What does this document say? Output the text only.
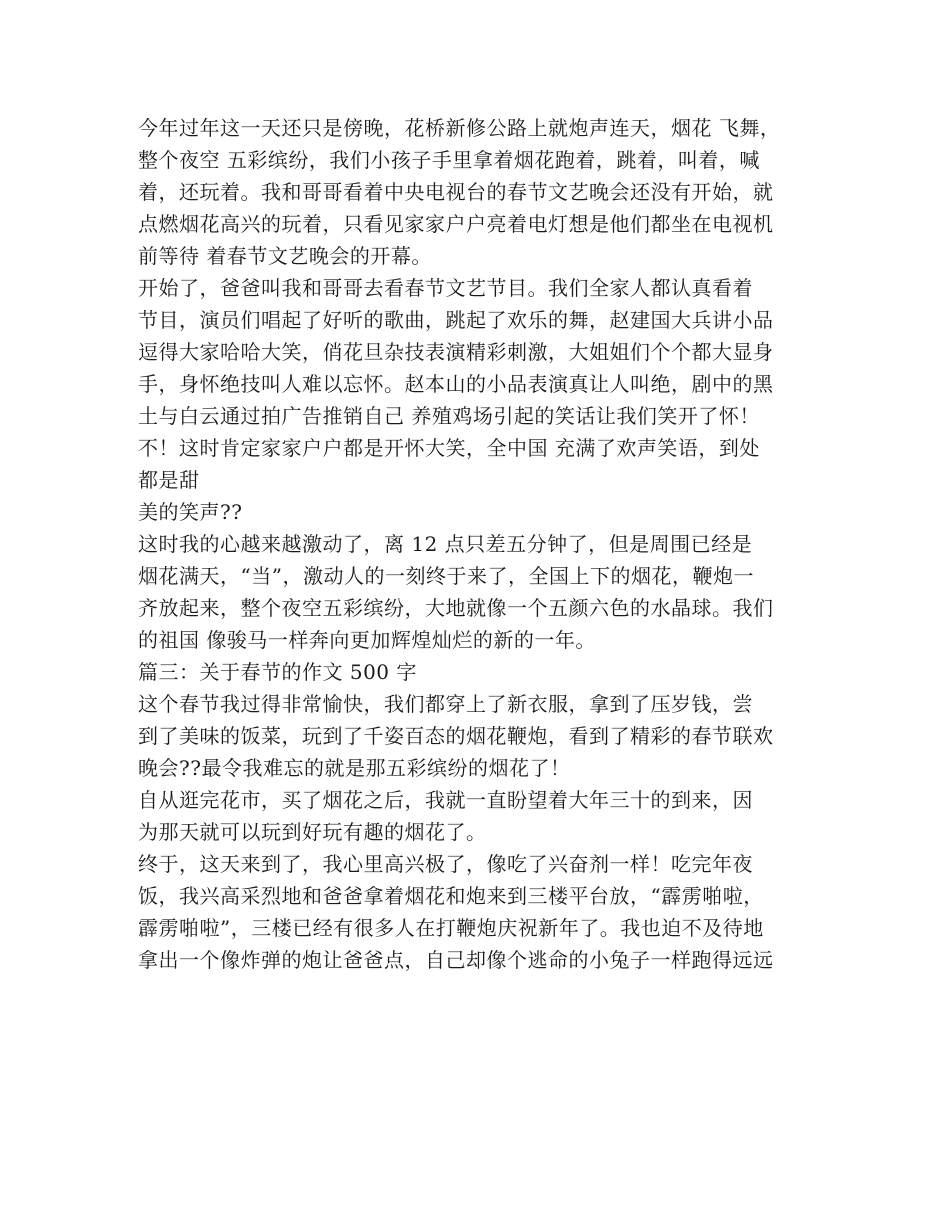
今年过年这一天还只是傍晚，花桥新修公路上就炮声连天，烟花 飞舞，
整个夜空 五彩缤纷，我们小孩子手里拿着烟花跑着，跳着，叫着，喊
着，还玩着。我和哥哥看着中央电视台的春节文艺晚会还没有开始，就
点燃烟花高兴的玩着，只看见家家户户亮着电灯想是他们都坐在电视机
前等待 着春节文艺晚会的开幕。
开始了，爸爸叫我和哥哥去看春节文艺节目。我们全家人都认真看着
节目，演员们唱起了好听的歌曲，跳起了欢乐的舞，赵建国大兵讲小品
逗得大家哈哈大笑，俏花旦杂技表演精彩刺激，大姐姐们个个都大显身
手，身怀绝技叫人难以忘怀。赵本山的小品表演真让人叫绝，剧中的黑
土与白云通过拍广告推销自己 养殖鸡场引起的笑话让我们笑开了怀！
不！这时肯定家家户户都是开怀大笑，全中国 充满了欢声笑语，到处
都是甜
美的笑声??
这时我的心越来越激动了，离 12 点只差五分钟了，但是周围已经是
烟花满天，“当”，激动人的一刻终于来了，全国上下的烟花，鞭炮一
齐放起来，整个夜空五彩缤纷，大地就像一个五颜六色的水晶球。我们
的祖国 像骏马一样奔向更加辉煌灿烂的新的一年。
篇三：关于春节的作文 500 字
这个春节我过得非常愉快，我们都穿上了新衣服，拿到了压岁钱，尝
到了美味的饭菜，玩到了千姿百态的烟花鞭炮，看到了精彩的春节联欢
晚会??最令我难忘的就是那五彩缤纷的烟花了！
自从逛完花市，买了烟花之后，我就一直盼望着大年三十的到来，因
为那天就可以玩到好玩有趣的烟花了。
终于，这天来到了，我心里高兴极了，像吃了兴奋剂一样！吃完年夜
饭，我兴高采烈地和爸爸拿着烟花和炮来到三楼平台放，“霹雳啪啦，
霹雳啪啦”，三楼已经有很多人在打鞭炮庆祝新年了。我也迫不及待地
拿出一个像炸弹的炮让爸爸点，自己却像个逃命的小兔子一样跑得远远
